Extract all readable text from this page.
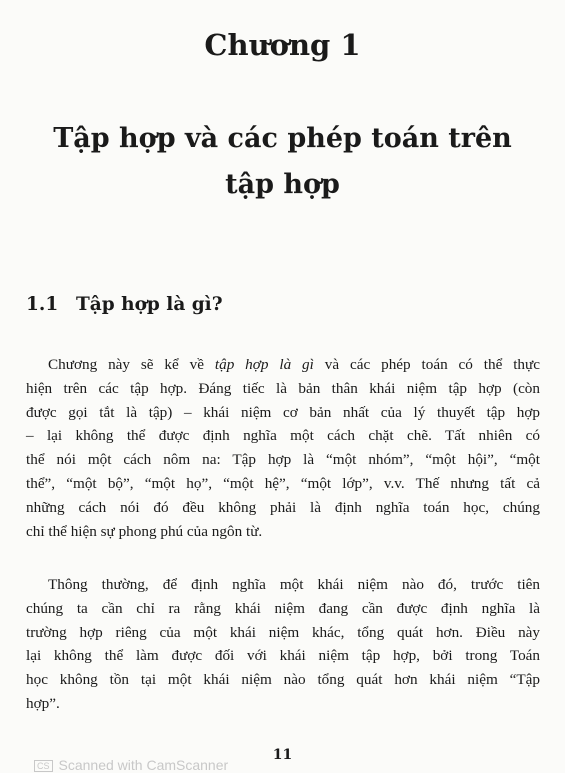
Chương 1
Tập hợp và các phép toán trên
tập hợp
1.1 Tập hợp là gì?

Chương này sẽ kể về tập hợp là gì và các phép toán có thể thực
hiện trên các tập hợp. Đáng tiếc là bản thân khái niệm tập hợp (còn
được gọi tắt là tập) – khái niệm cơ bản nhất của lý thuyết tập hợp
– lại không thể được định nghĩa một cách chặt chẽ. Tất nhiên có
thể nói một cách nôm na: Tập hợp là “một nhóm”, “một hội”, “một
thể”, “một bộ”, “một họ”, “một hệ”, “một lớp”, v.v. Thế nhưng tất cả
những cách nói đó đều không phải là định nghĩa toán học, chúng
chỉ thể hiện sự phong phú của ngôn từ.

Thông thường, để định nghĩa một khái niệm nào đó, trước tiên
chúng ta cần chỉ ra rằng khái niệm đang cần được định nghĩa là
trường hợp riêng của một khái niệm khác, tổng quát hơn. Điều này
lại không thể làm được đối với khái niệm tập hợp, bởi trong Toán
học không tồn tại một khái niệm nào tổng quát hơn khái niệm “Tập
hợp”.

11
CS Scanned with CamScanner
